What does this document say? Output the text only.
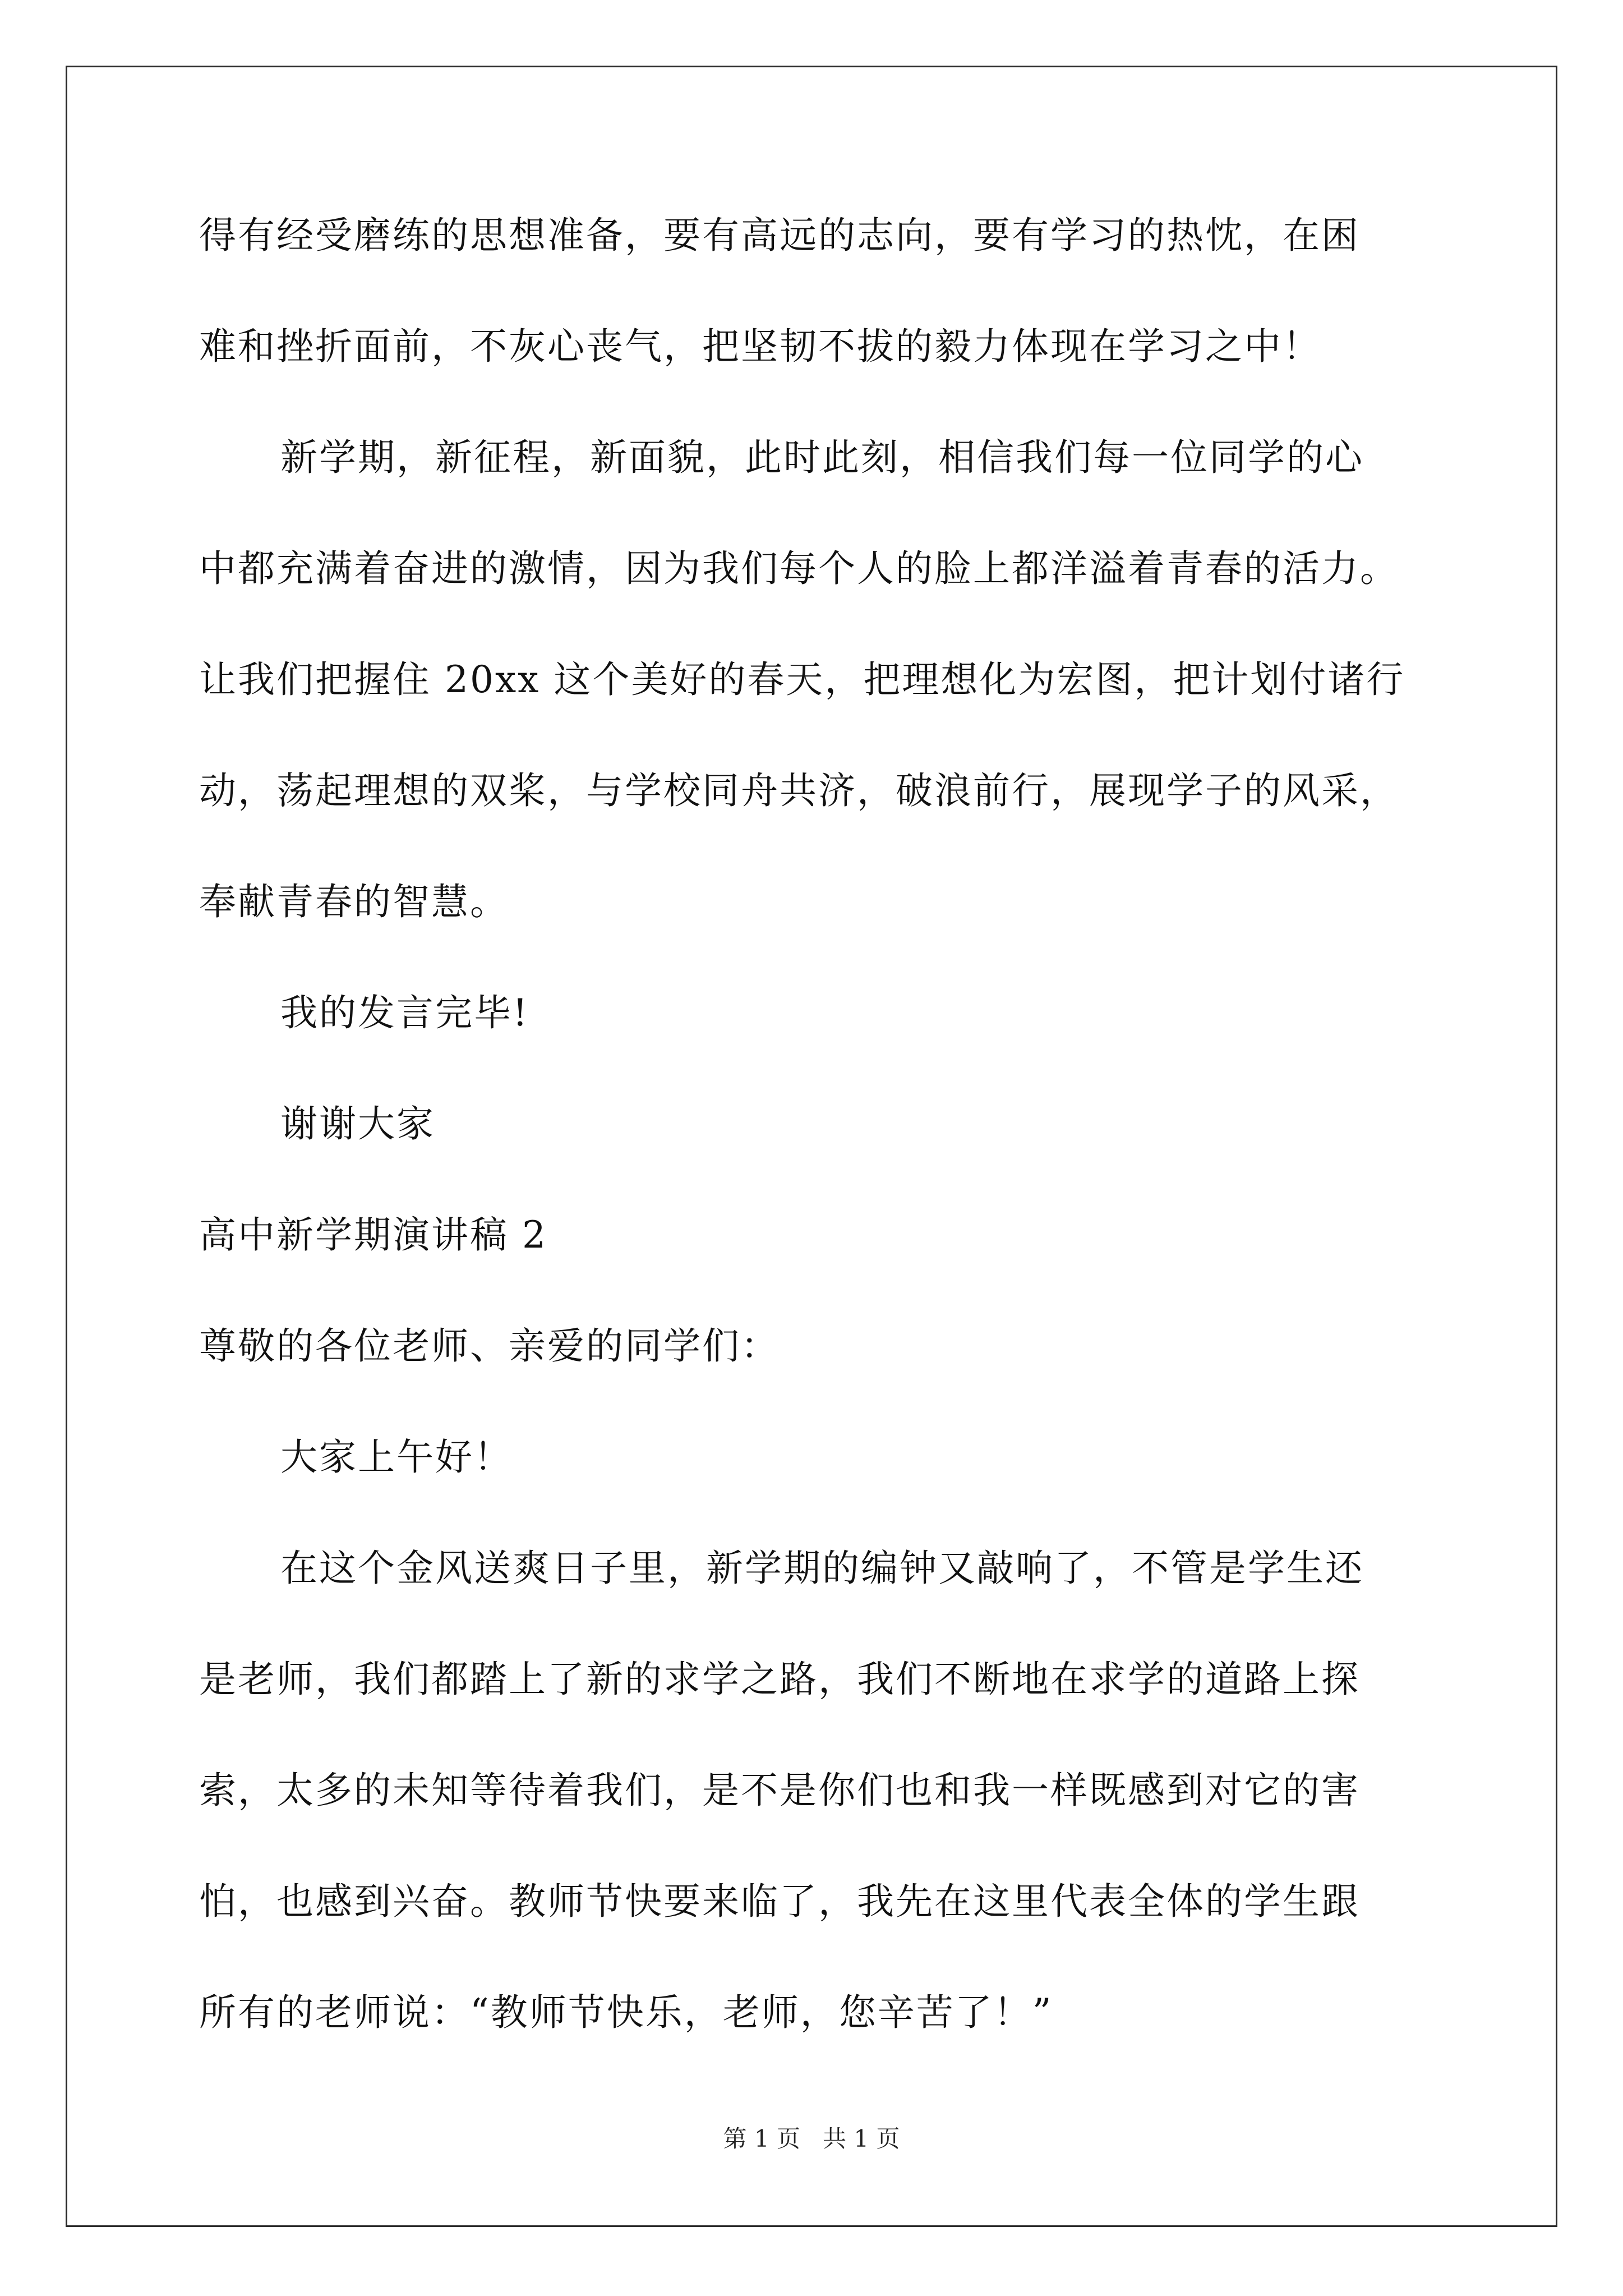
得有经受磨练的思想准备，要有高远的志向，要有学习的热忱，在困
难和挫折面前，不灰心丧气，把坚韧不拔的毅力体现在学习之中！
新学期，新征程，新面貌，此时此刻，相信我们每一位同学的心
中都充满着奋进的激情，因为我们每个人的脸上都洋溢着青春的活力。
让我们把握住 20xx 这个美好的春天，把理想化为宏图，把计划付诸行
动，荡起理想的双桨，与学校同舟共济，破浪前行，展现学子的风采，
奉献青春的智慧。
我的发言完毕!
谢谢大家
高中新学期演讲稿 2
尊敬的各位老师、亲爱的同学们：
大家上午好！
在这个金风送爽日子里，新学期的编钟又敲响了，不管是学生还
是老师，我们都踏上了新的求学之路，我们不断地在求学的道路上探
索，太多的未知等待着我们，是不是你们也和我一样既感到对它的害
怕，也感到兴奋。教师节快要来临了，我先在这里代表全体的学生跟
所有的老师说：“教师节快乐，老师，您辛苦了！”
第 1 页   共 1 页
